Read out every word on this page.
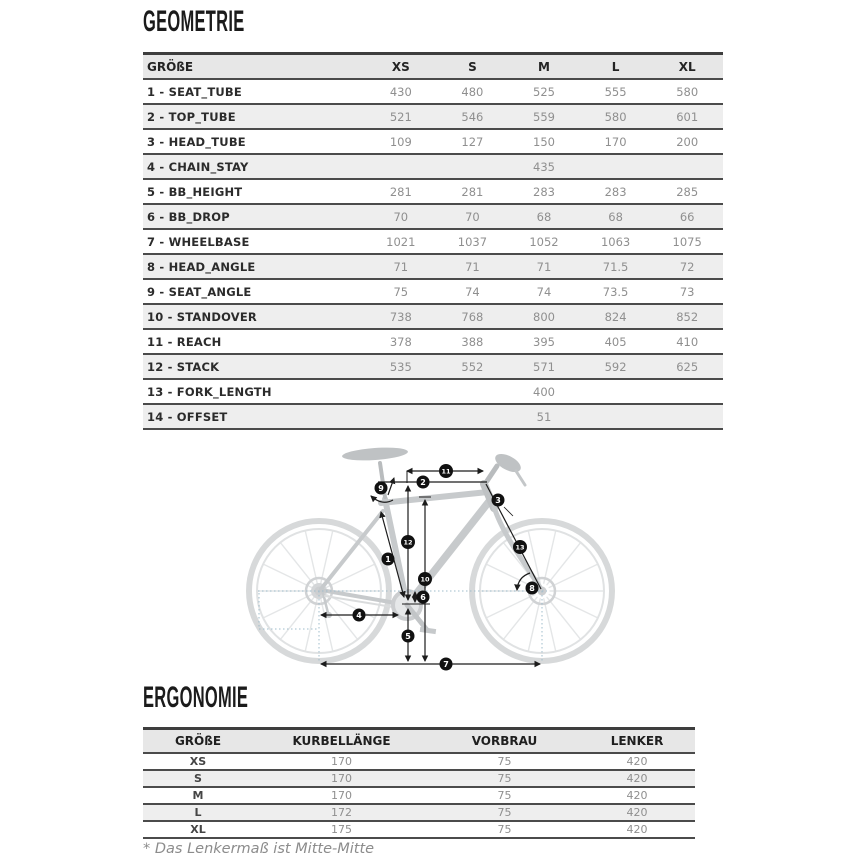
GEOMETRIE
GRÖßE	XS	S	M	L	XL
1 - SEAT_TUBE	430	480	525	555	580
2 - TOP_TUBE	521	546	559	580	601
3 - HEAD_TUBE	109	127	150	170	200
4 - CHAIN_STAY			435		
5 - BB_HEIGHT	281	281	283	283	285
6 - BB_DROP	70	70	68	68	66
7 - WHEELBASE	1021	1037	1052	1063	1075
8 - HEAD_ANGLE	71	71	71	71.5	72
9 - SEAT_ANGLE	75	74	74	73.5	73
10 - STANDOVER	738	768	800	824	852
11 - REACH	378	388	395	405	410
12 - STACK	535	552	571	592	625
13 - FORK_LENGTH			400		
14 - OFFSET			51		
1
2
3
4
5
6
7
8
9
10
11
12
13
ERGONOMIE
GRÖßE	KURBELLÄNGE	VORBRAU	LENKER
XS	170	75	420
S	170	75	420
M	170	75	420
L	172	75	420
XL	175	75	420

* Das Lenkermaß ist Mitte-Mitte
